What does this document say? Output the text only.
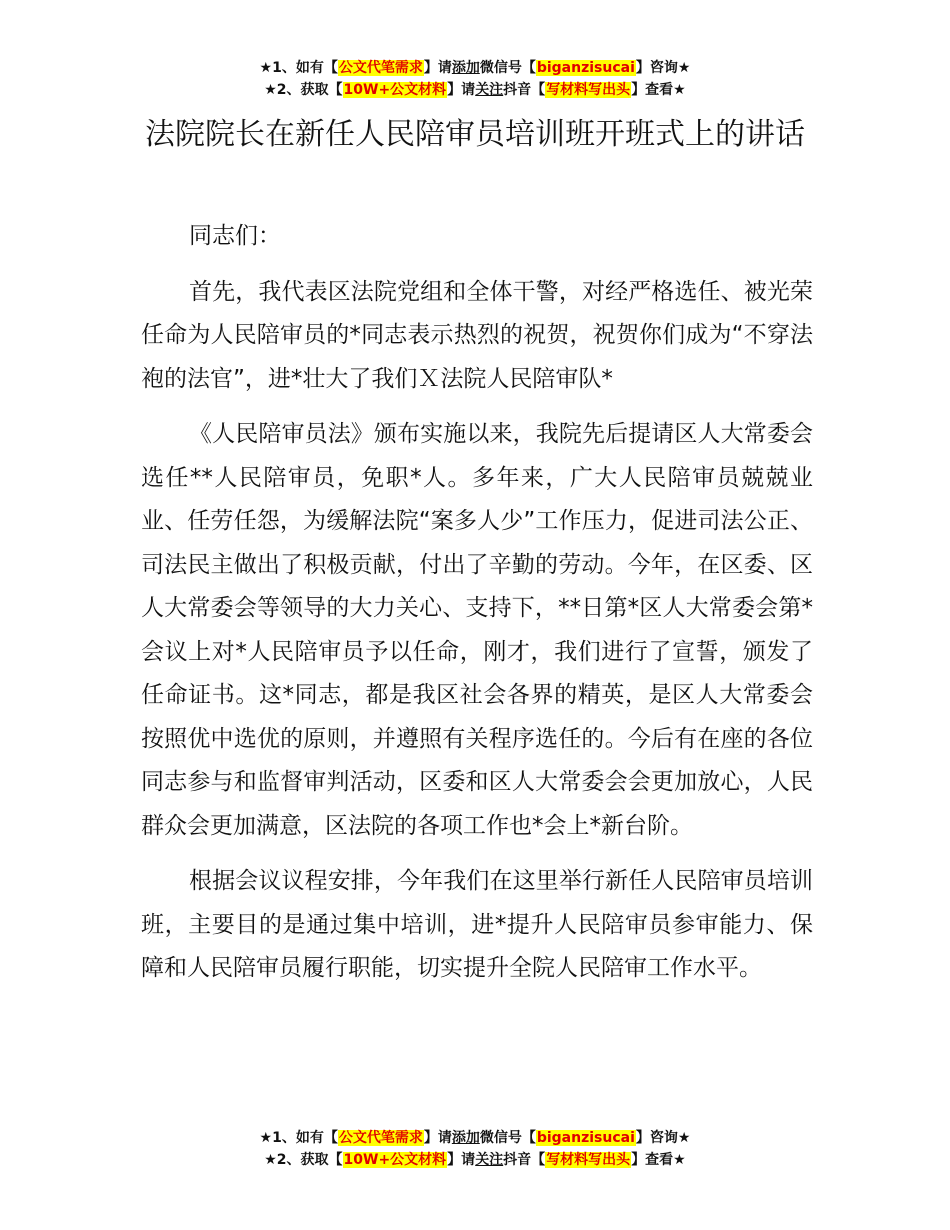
★1、如有【公文代笔需求】请添加微信号【biganzisucai】咨询★
★2、获取【10W+公文材料】请关注抖音【写材料写出头】查看★
法院院长在新任人民陪审员培训班开班式上的讲话

同志们：

首先，我代表区法院党组和全体干警，对经严格选任、被光荣任命为人民陪审员的*同志表示热烈的祝贺，祝贺你们成为“不穿法袍的法官”，进*壮大了我们Ｘ法院人民陪审队*

《人民陪审员法》颁布实施以来，我院先后提请区人大常委会选任**人民陪审员，免职*人。多年来，广大人民陪审员兢兢业业、任劳任怨，为缓解法院“案多人少”工作压力，促进司法公正、司法民主做出了积极贡献，付出了辛勤的劳动。今年，在区委、区人大常委会等领导的大力关心、支持下，**日第*区人大常委会第*会议上对*人民陪审员予以任命，刚才，我们进行了宣誓，颁发了任命证书。这*同志，都是我区社会各界的精英，是区人大常委会按照优中选优的原则，并遵照有关程序选任的。今后有在座的各位同志参与和监督审判活动，区委和区人大常委会会更加放心，人民群众会更加满意，区法院的各项工作也*会上*新台阶。

根据会议议程安排，今年我们在这里举行新任人民陪审员培训班，主要目的是通过集中培训，进*提升人民陪审员参审能力、保障和人民陪审员履行职能，切实提升全院人民陪审工作水平。

★1、如有【公文代笔需求】请添加微信号【biganzisucai】咨询★
★2、获取【10W+公文材料】请关注抖音【写材料写出头】查看★
